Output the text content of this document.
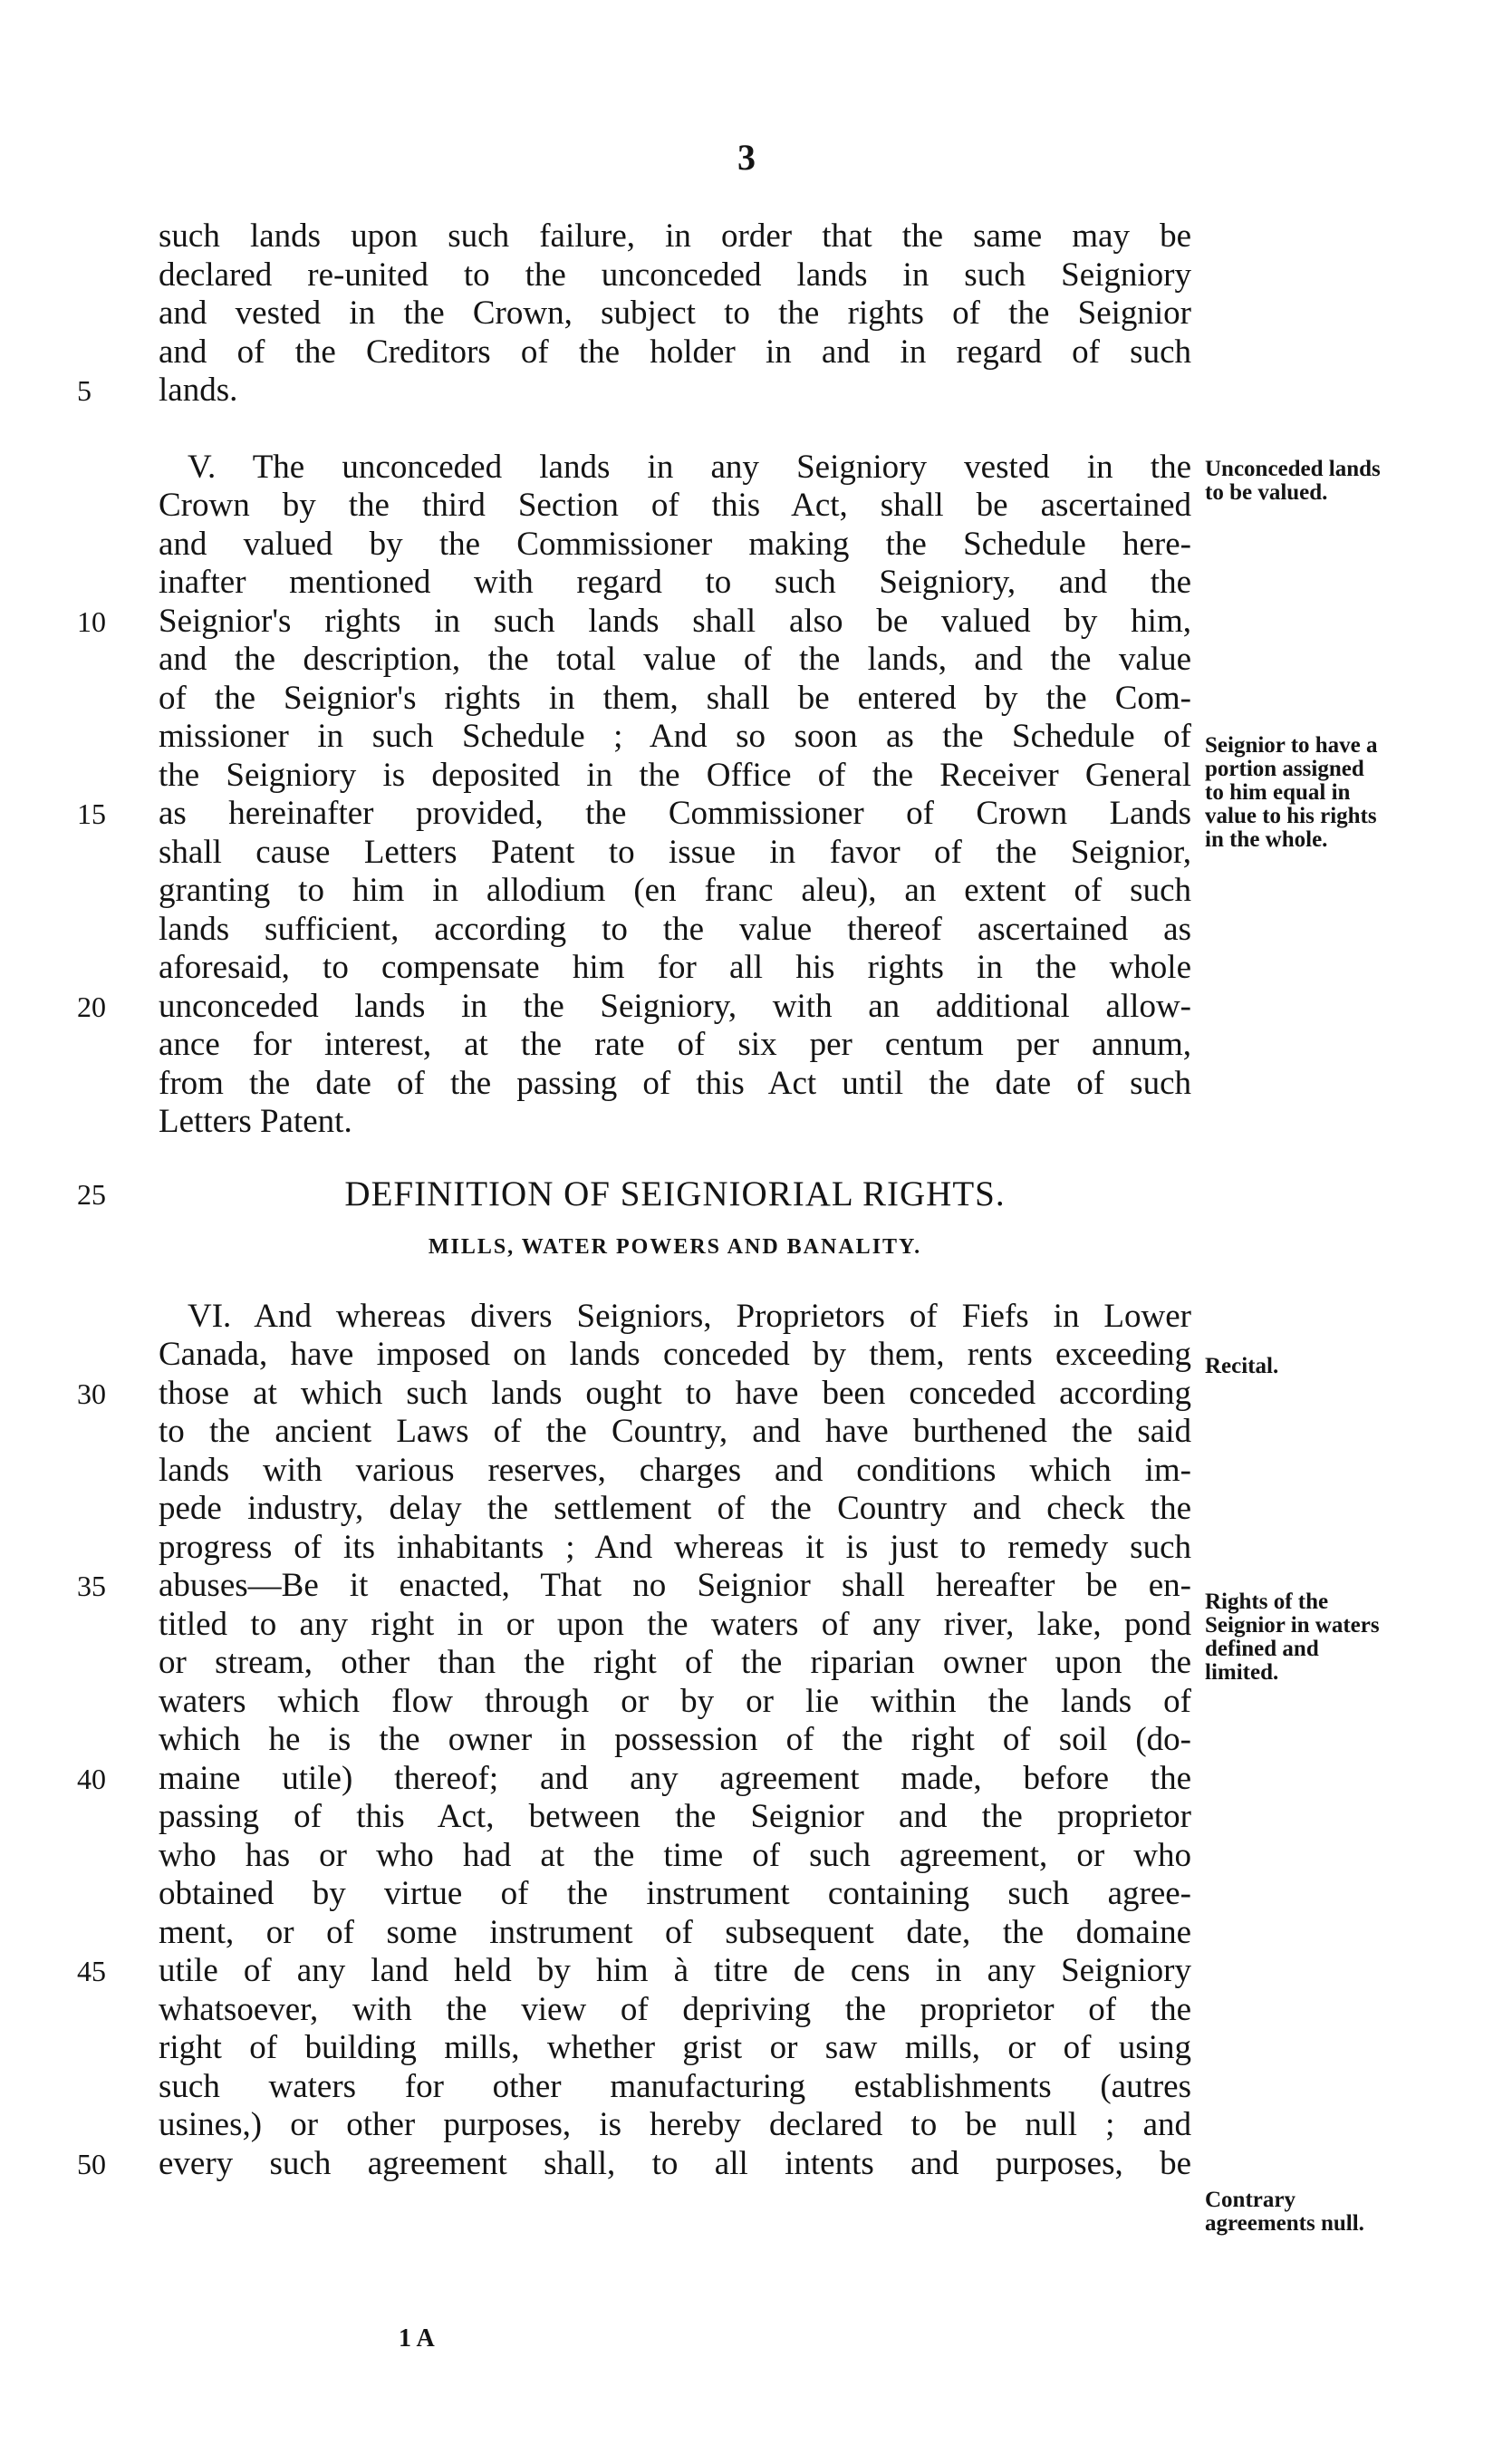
3
such lands upon such failure, in order that the same may be
declared re-united to the unconceded lands in such Seigniory
and vested in the Crown, subject to the rights of the Seignior
and of the Creditors of the holder in and in regard of such
5	lands.
V. The unconceded lands in any Seigniory vested in the
Crown by the third Section of this Act, shall be ascertained
and valued by the Commissioner making the Schedule here-
inafter mentioned with regard to such Seigniory, and the
10	Seignior's rights in such lands shall also be valued by him,
and the description, the total value of the lands, and the value
of the Seignior's rights in them, shall be entered by the Com-
missioner in such Schedule ; And so soon as the Schedule of
the Seigniory is deposited in the Office of the Receiver General
15	as hereinafter provided, the Commissioner of Crown Lands
shall cause Letters Patent to issue in favor of the Seignior,
granting to him in allodium (en franc aleu), an extent of such
lands sufficient, according to the value thereof ascertained as
aforesaid, to compensate him for all his rights in the whole
20	unconceded lands in the Seigniory, with an additional allow-
ance for interest, at the rate of six per centum per annum,
from the date of the passing of this Act until the date of such
Letters Patent.
25	DEFINITION OF SEIGNIORIAL RIGHTS.
MILLS, WATER POWERS AND BANALITY.
VI. And whereas divers Seigniors, Proprietors of Fiefs in Lower
Canada, have imposed on lands conceded by them, rents exceeding
30	those at which such lands ought to have been conceded according
to the ancient Laws of the Country, and have burthened the said
lands with various reserves, charges and conditions which im-
pede industry, delay the settlement of the Country and check the
progress of its inhabitants ; And whereas it is just to remedy such
35	abuses—Be it enacted, That no Seignior shall hereafter be en-
titled to any right in or upon the waters of any river, lake, pond
or stream, other than the right of the riparian owner upon the
waters which flow through or by or lie within the lands of
which he is the owner in possession of the right of soil (do-
40	maine utile) thereof; and any agreement made, before the
passing of this Act, between the Seignior and the proprietor
who has or who had at the time of such agreement, or who
obtained by virtue of the instrument containing such agree-
ment, or of some instrument of subsequent date, the domaine
45	utile of any land held by him à titre de cens in any Seigniory
whatsoever, with the view of depriving the proprietor of the
right of building mills, whether grist or saw mills, or of using
such waters for other manufacturing establishments (autres
usines,) or other purposes, is hereby declared to be null ; and
50	every such agreement shall, to all intents and purposes, be
Unconceded lands to be valued.
Seignior to have a portion assigned to him equal in value to his rights in the whole.
Recital.
Rights of the Seignior in waters defined and limited.
Contrary agreements null.
1 A
